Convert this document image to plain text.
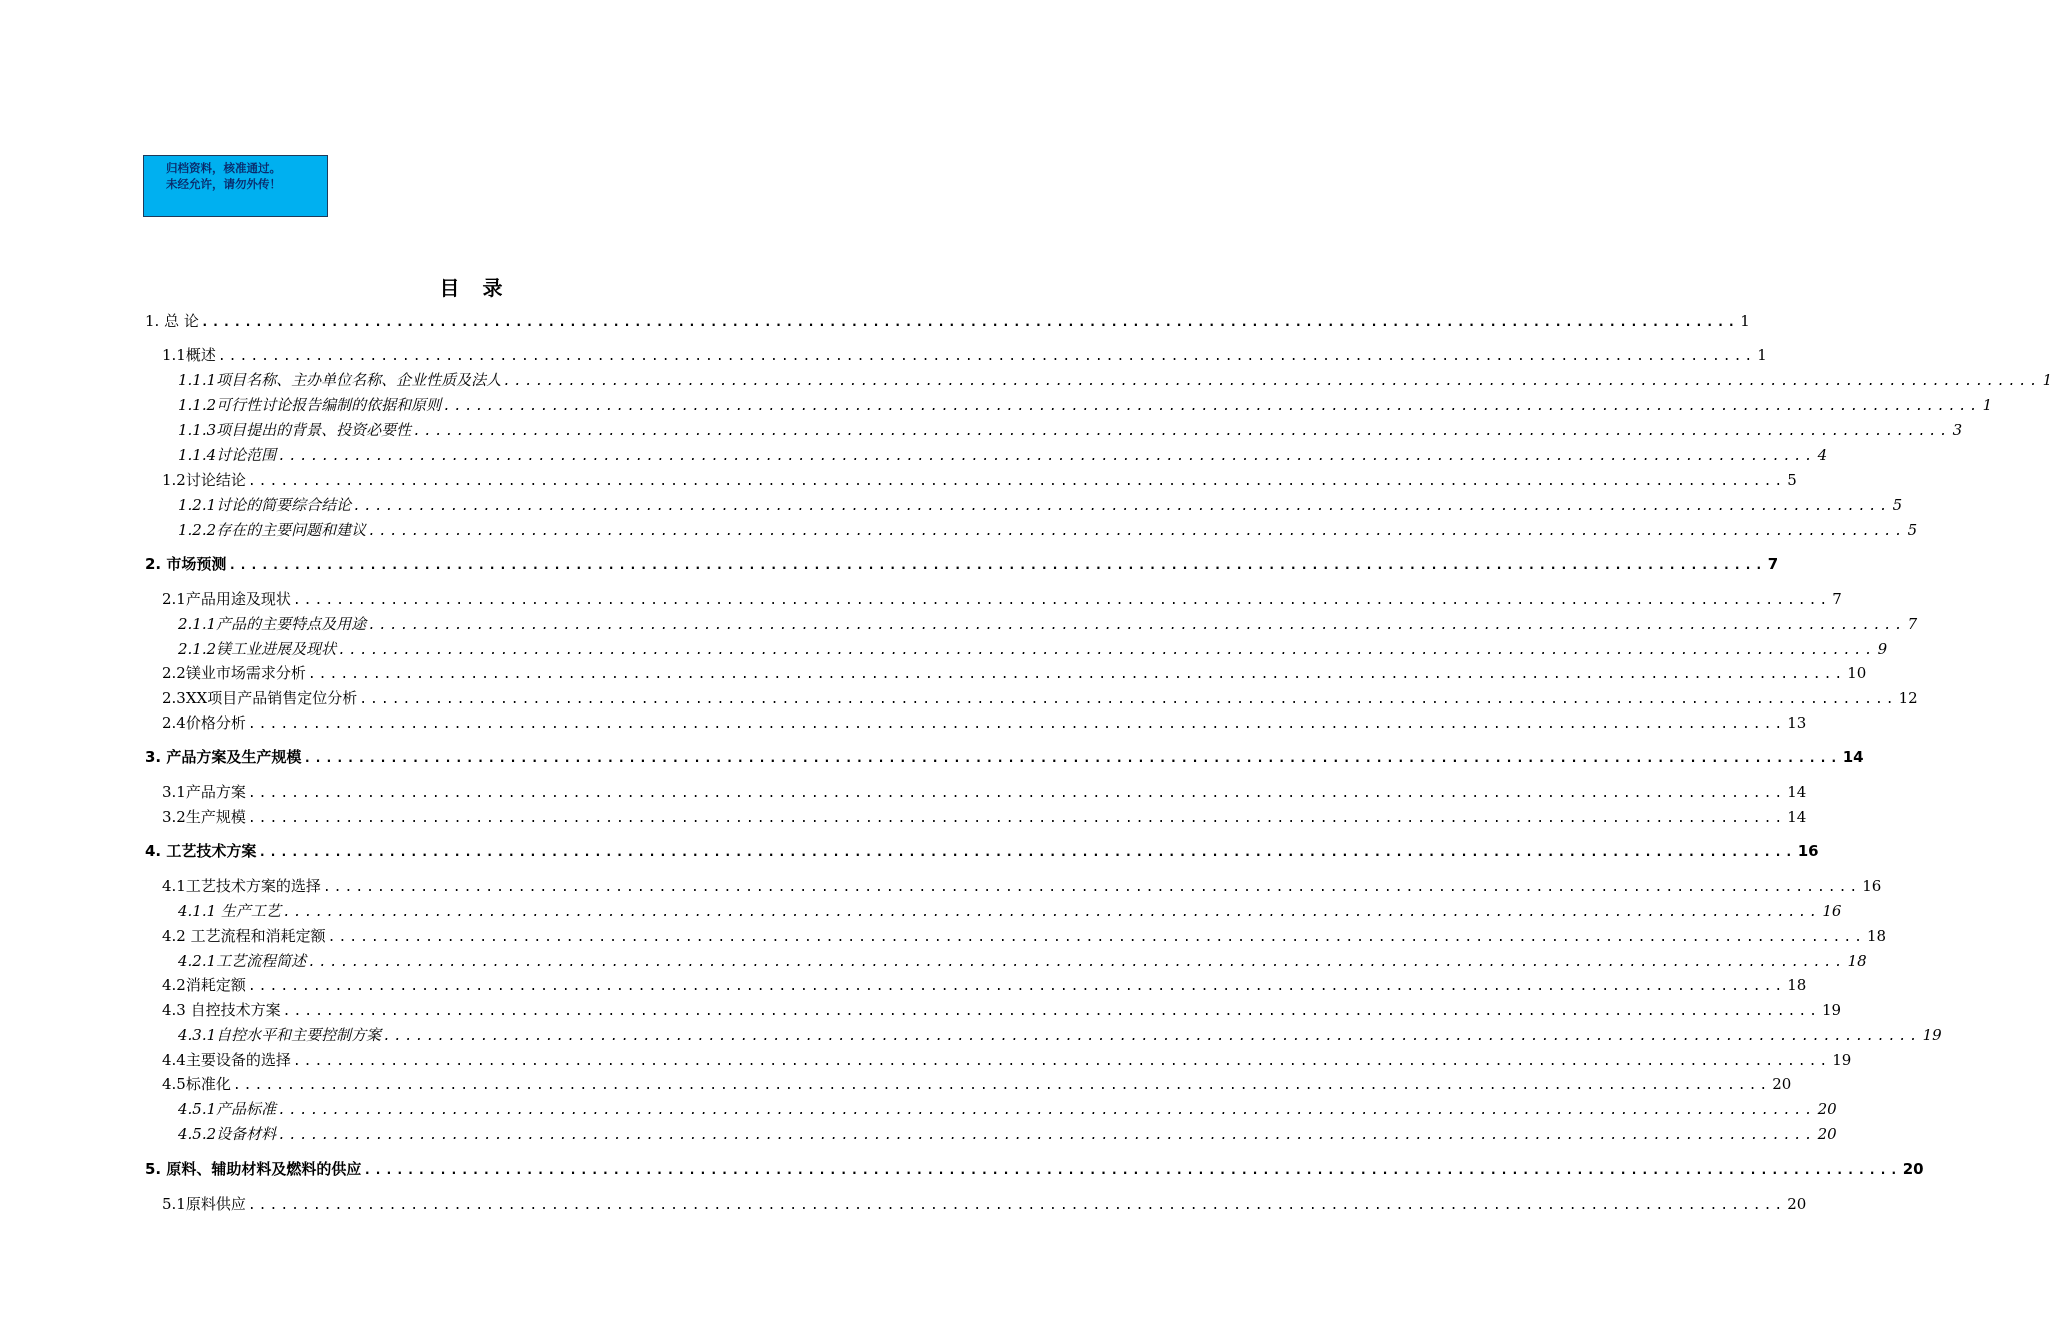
归档资料，核准通过。
未经允许，请勿外传！
目 录
1. 总 论 .............................................................................................................................................. 1
1.1概述 .............................................................................................................................................. 1
1.1.1项目名称、主办单位名称、企业性质及法人 .............................................................................................................................................. 1
1.1.2可行性讨论报告编制的依据和原则 .............................................................................................................................................. 1
1.1.3项目提出的背景、投资必要性 .............................................................................................................................................. 3
1.1.4讨论范围 .............................................................................................................................................. 4
1.2讨论结论 .............................................................................................................................................. 5
1.2.1讨论的简要综合结论 .............................................................................................................................................. 5
1.2.2存在的主要问题和建议 .............................................................................................................................................. 5
2. 市场预测 .............................................................................................................................................. 7
2.1产品用途及现状 .............................................................................................................................................. 7
2.1.1产品的主要特点及用途 .............................................................................................................................................. 7
2.1.2镁工业进展及现状 .............................................................................................................................................. 9
2.2镁业市场需求分析 .............................................................................................................................................. 10
2.3XX项目产品销售定位分析 .............................................................................................................................................. 12
2.4价格分析 .............................................................................................................................................. 13
3. 产品方案及生产规模 .............................................................................................................................................. 14
3.1产品方案 .............................................................................................................................................. 14
3.2生产规模 .............................................................................................................................................. 14
4. 工艺技术方案 .............................................................................................................................................. 16
4.1工艺技术方案的选择 .............................................................................................................................................. 16
4.1.1 生产工艺 .............................................................................................................................................. 16
4.2 工艺流程和消耗定额 .............................................................................................................................................. 18
4.2.1工艺流程简述 .............................................................................................................................................. 18
4.2消耗定额 .............................................................................................................................................. 18
4.3 自控技术方案 .............................................................................................................................................. 19
4.3.1自控水平和主要控制方案 .............................................................................................................................................. 19
4.4主要设备的选择 .............................................................................................................................................. 19
4.5标准化 .............................................................................................................................................. 20
4.5.1产品标准 .............................................................................................................................................. 20
4.5.2设备材料 .............................................................................................................................................. 20
5. 原料、辅助材料及燃料的供应 .............................................................................................................................................. 20
5.1原料供应 .............................................................................................................................................. 20
